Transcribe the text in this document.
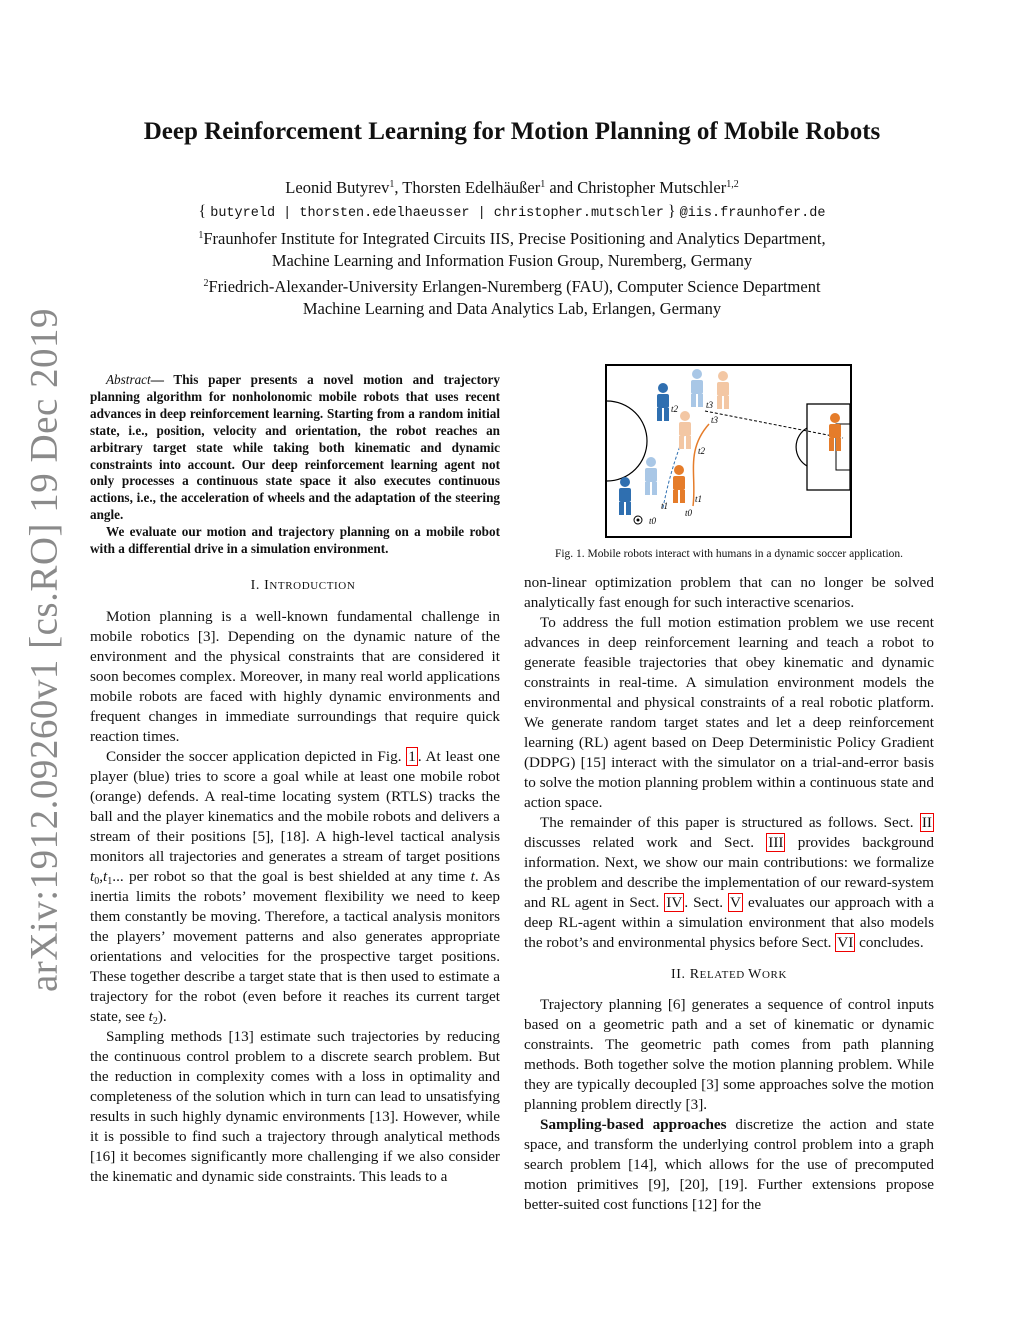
arXiv:1912.09260v1 [cs.RO] 19 Dec 2019
Deep Reinforcement Learning for Motion Planning of Mobile Robots
Leonid Butyrev$^1$, Thorsten Edelhäußer$^1$ and Christopher Mutschler$^{1,2}$
{ butyreld | thorsten.edelhaeusser | christopher.mutschler } @iis.fraunhofer.de
$^1$Fraunhofer Institute for Integrated Circuits IIS, Precise Positioning and Analytics Department,
Machine Learning and Information Fusion Group, Nuremberg, Germany
$^2$Friedrich-Alexander-University Erlangen-Nuremberg (FAU), Computer Science Department
Machine Learning and Data Analytics Lab, Erlangen, Germany

Abstract— This paper presents a novel motion and trajectory planning algorithm for nonholonomic mobile robots that uses recent advances in deep reinforcement learning. Starting from a random initial state, i.e., position, velocity and orientation, the robot reaches an arbitrary target state while taking both kinematic and dynamic constraints into account. Our deep reinforcement learning agent not only processes a continuous state space it also executes continuous actions, i.e., the acceleration of wheels and the adaptation of the steering angle.

We evaluate our motion and trajectory planning on a mobile robot with a differential drive in a simulation environment.

I. INTRODUCTION

Motion planning is a well-known fundamental challenge in mobile robotics [3]. Depending on the dynamic nature of the environment and the physical constraints that are considered it soon becomes complex. Moreover, in many real world applications mobile robots are faced with highly dynamic environments and frequent changes in immediate surroundings that require quick reaction times.

Consider the soccer application depicted in Fig. 1 . At least one player (blue) tries to score a goal while at least one mobile robot (orange) defends. A real-time locating system (RTLS) tracks the ball and the player kinematics and the mobile robots and delivers a stream of their positions [5], [18]. A high-level tactical analysis monitors all trajectories and generates a stream of target positions $t_0,t_1$... per robot so that the goal is best shielded at any time t. As inertia limits the robots’ movement flexibility we need to keep them constantly be moving. Therefore, a tactical analysis monitors the players’ movement patterns and also generates appropriate orientations and velocities for the prospective target positions. These together describe a target state that is then used to estimate a trajectory for the robot (even before it reaches its current target state, see $t_2$).

Sampling methods [13] estimate such trajectories by reducing the continuous control problem to a discrete search problem. But the reduction in complexity comes with a loss in optimality and completeness of the solution which in turn can lead to unsatisfying results in such highly dynamic environments [13]. However, while it is possible to find such a trajectory through analytical methods [16] it becomes significantly more challenging if we also consider the kinematic and dynamic side constraints. This leads to a

t2	t3
t3
t2
t1
t0
t1
t0
Fig. 1. Mobile robots interact with humans in a dynamic soccer application.

non-linear optimization problem that can no longer be solved analytically fast enough for such interactive scenarios.

To address the full motion estimation problem we use recent advances in deep reinforcement learning and teach a robot to generate feasible trajectories that obey kinematic and dynamic constraints in real-time. A simulation environment models the environmental and physical constraints of a real robotic platform. We generate random target states and let a deep reinforcement learning (RL) agent based on Deep Deterministic Policy Gradient (DDPG) [15] interact with the simulator on a trial-and-error basis to solve the motion planning problem within a continuous state and action space.

The remainder of this paper is structured as follows. Sect. II discusses related work and Sect. III provides background information. Next, we show our main contributions: we formalize the problem and describe the implementation of our reward-system and RL agent in Sect. IV . Sect. V evaluates our approach with a deep RL-agent within a simulation environment that also models the robot’s and environmental physics before Sect. VI concludes.

II. RELATED WORK

Trajectory planning [6] generates a sequence of control inputs based on a geometric path and a set of kinematic or dynamic constraints. The geometric path comes from path planning methods. Both together solve the motion planning problem. While they are typically decoupled [3] some approaches solve the motion planning problem directly [3].

Sampling-based approaches discretize the action and state space, and transform the underlying control problem into a graph search problem [14], which allows for the use of precomputed motion primitives [9], [20], [19]. Further extensions propose better-suited cost functions [12] for the
